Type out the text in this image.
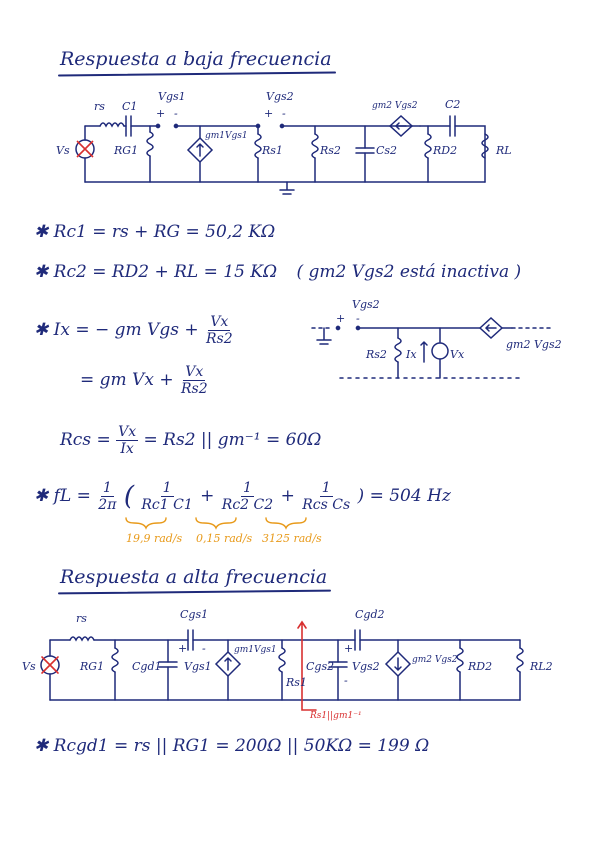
Respuesta a baja frecuencia
rs C1
Vs	RG1
Vgs1
+ -
gm1Vgs1
Rs1
Vgs2
+ -
Rs2	Cs2
gm2 Vgs2	C2
RD2	RL
✱ Rc1 = rs + RG = 50,2 KΩ
✱ Rc2 = RD2 + RL = 15 KΩ ( gm2 Vgs2 está inactiva )
✱ Ix = − gm Vgs + $\frac{Vx}{Rs2}$
= gm $Vx + \frac{Vx}{Rs2}$
Vgs2
+ -
Rs2 Ix	Vx
gm2 Vgs2
Rcs = $\frac{Vx}{Ix} = Rs2$ || gm⁻¹ = 60Ω
✱ fL = $\frac{1}{2\pi}$ ( $\frac{1}{Rc1 C1} + \frac{1}{Rc2 C2} + \frac{1}{\text{Rcs Cs}}$ ) = 504 Hz
19,9 rad/s 0,15 rad/s 3125 rad/s
Respuesta a alta frecuencia
rs
Vs	RG1	Cgd1
Cgs1
+ -
Vgs1
gm1Vgs1
Rs1
Cgs2
+
-
Vgs2
Cgd2
gm2 Vgs2 RD2	RL2
Rs1||gm1⁻¹
✱ Rcgd1 = rs || RG1 = 200Ω || 50KΩ = 199 Ω
